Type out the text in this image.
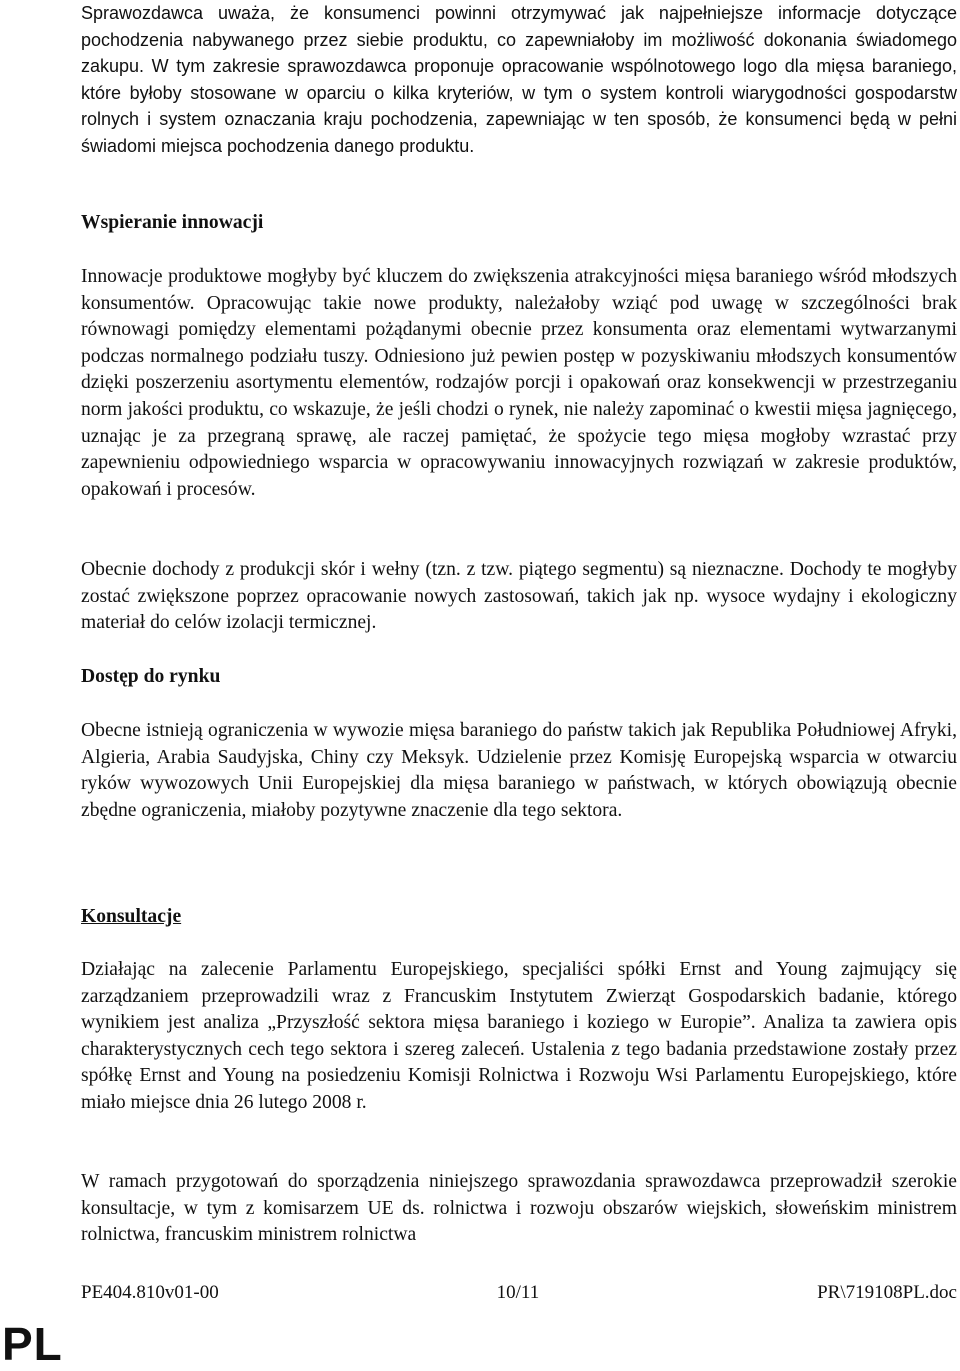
Sprawozdawca uważa, że konsumenci powinni otrzymywać jak najpełniejsze informacje dotyczące pochodzenia nabywanego przez siebie produktu, co zapewniałoby im możliwość dokonania świadomego zakupu. W tym zakresie sprawozdawca proponuje opracowanie wspólnotowego logo dla mięsa baraniego, które byłoby stosowane w oparciu o kilka kryteriów, w tym o system kontroli wiarygodności gospodarstw rolnych i system oznaczania kraju pochodzenia, zapewniając w ten sposób, że konsumenci będą w pełni świadomi miejsca pochodzenia danego produktu.

Wspieranie innowacji

Innowacje produktowe mogłyby być kluczem do zwiększenia atrakcyjności mięsa baraniego wśród młodszych konsumentów. Opracowując takie nowe produkty, należałoby wziąć pod uwagę w szczególności brak równowagi pomiędzy elementami pożądanymi obecnie przez konsumenta oraz elementami wytwarzanymi podczas normalnego podziału tuszy. Odniesiono już pewien postęp w pozyskiwaniu młodszych konsumentów dzięki poszerzeniu asortymentu elementów, rodzajów porcji i opakowań oraz konsekwencji w przestrzeganiu norm jakości produktu, co wskazuje, że jeśli chodzi o rynek, nie należy zapominać o kwestii mięsa jagnięcego, uznając je za przegraną sprawę, ale raczej pamiętać, że spożycie tego mięsa mogłoby wzrastać przy zapewnieniu odpowiedniego wsparcia w opracowywaniu innowacyjnych rozwiązań w zakresie produktów, opakowań i procesów.

Obecnie dochody z produkcji skór i wełny (tzn. z tzw. piątego segmentu) są nieznaczne. Dochody te mogłyby zostać zwiększone poprzez opracowanie nowych zastosowań, takich jak np. wysoce wydajny i ekologiczny materiał do celów izolacji termicznej.

Dostęp do rynku

Obecne istnieją ograniczenia w wywozie mięsa baraniego do państw takich jak Republika Południowej Afryki, Algieria, Arabia Saudyjska, Chiny czy Meksyk. Udzielenie przez Komisję Europejską wsparcia w otwarciu ryków wywozowych Unii Europejskiej dla mięsa baraniego w państwach, w których obowiązują obecnie zbędne ograniczenia, miałoby pozytywne znaczenie dla tego sektora.

Konsultacje

Działając na zalecenie Parlamentu Europejskiego, specjaliści spółki Ernst and Young zajmujący się zarządzaniem przeprowadzili wraz z Francuskim Instytutem Zwierząt Gospodarskich badanie, którego wynikiem jest analiza „Przyszłość sektora mięsa baraniego i koziego w Europie”. Analiza ta zawiera opis charakterystycznych cech tego sektora i szereg zaleceń. Ustalenia z tego badania przedstawione zostały przez spółkę Ernst and Young na posiedzeniu Komisji Rolnictwa i Rozwoju Wsi Parlamentu Europejskiego, które miało miejsce dnia 26 lutego 2008 r.

W ramach przygotowań do sporządzenia niniejszego sprawozdania sprawozdawca przeprowadził szerokie konsultacje, w tym z komisarzem UE ds. rolnictwa i rozwoju obszarów wiejskich, słoweńskim ministrem rolnictwa, francuskim ministrem rolnictwa

PE404.810v01-00	10/11	PR\719108PL.doc
PL
